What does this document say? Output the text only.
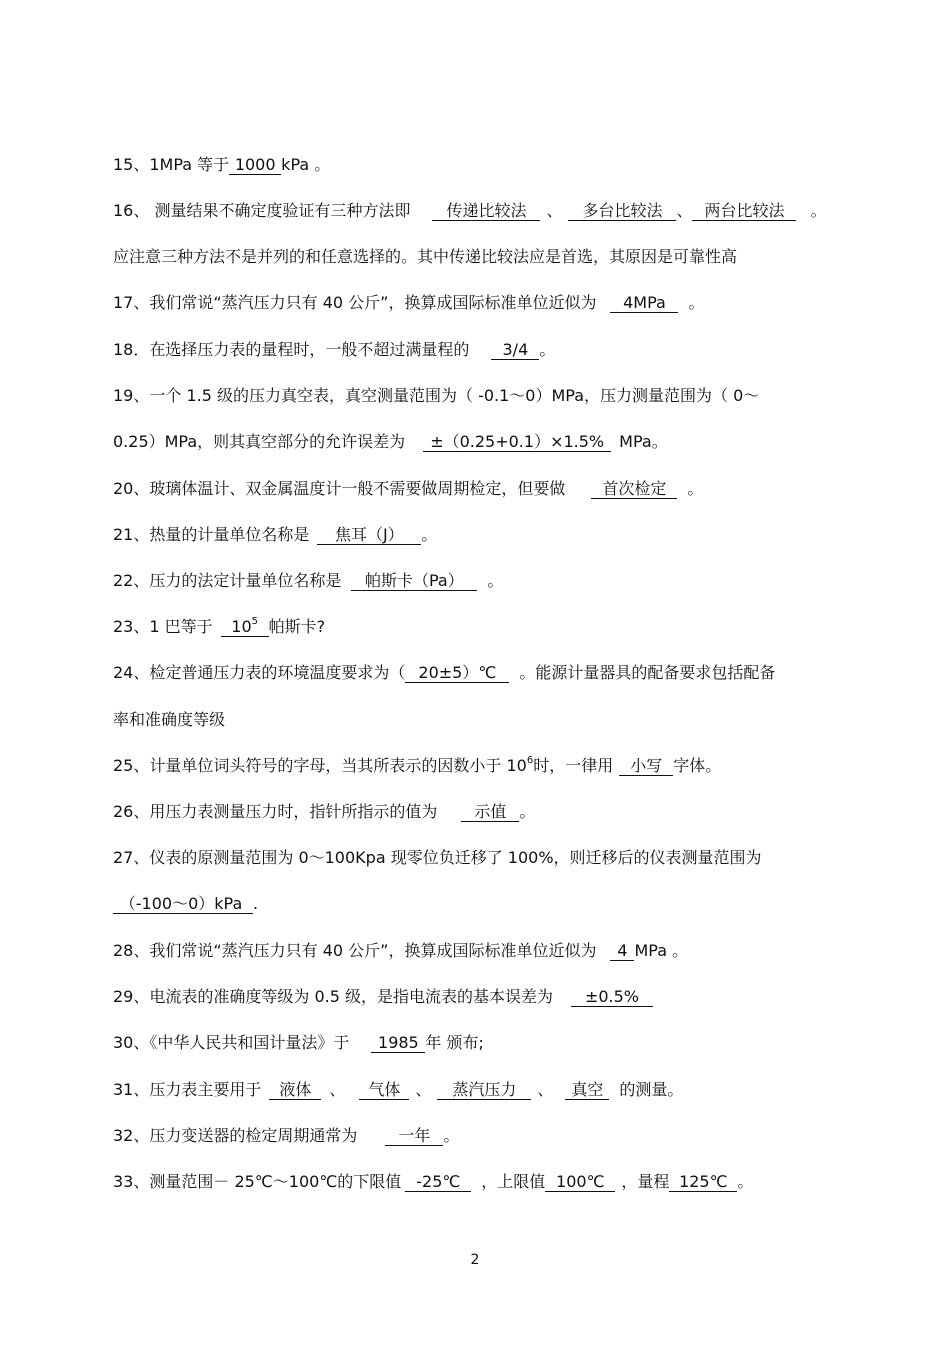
15、1MPa 等于 1000 kPa 。
16、 测量结果不确定度验证有三种方法即 传递比较法 、 多台比较法 、 两台比较法 。
应注意三种方法不是并列的和任意选择的。其中传递比较法应是首选，其原因是可靠性高
17、我们常说“蒸汽压力只有 40 公斤”，换算成国际标准单位近似为 4MPa 。
18．在选择压力表的量程时，一般不超过满量程的 3/4 。
19、一个 1.5 级的压力真空表，真空测量范围为（ -0.1～0）MPa，压力测量范围为（ 0～
0.25）MPa，则其真空部分的允许误差为 ±（0.25+0.1）×1.5% MPa。
20、玻璃体温计、双金属温度计一般不需要做周期检定，但要做 首次检定 。
21、热量的计量单位名称是 焦耳（J） 。
22、压力的法定计量单位名称是 帕斯卡（Pa） 。
23、1 巴等于 $10^5$ 帕斯卡?
24、检定普通压力表的环境温度要求为（ 20±5）℃ 。能源计量器具的配备要求包括配备
率和准确度等级
25、计量单位词头符号的字母，当其所表示的因数小于 $10^6$时，一律用 小写 字体。
26、用压力表测量压力时，指针所指示的值为 示值 。
27、仪表的原测量范围为 0～100Kpa 现零位负迁移了 100%，则迁移后的仪表测量范围为
（-100～0）kPa .
28、我们常说“蒸汽压力只有 40 公斤”，换算成国际标准单位近似为 4 MPa 。
29、电流表的准确度等级为 0.5 级，是指电流表的基本误差为 ±0.5%
30、《中华人民共和国计量法》于 1985 年 颁布;
31、压力表主要用于 液体 、 气体 、 蒸汽压力 、 真空 的测量。
32、压力变送器的检定周期通常为	一年 。
33、测量范围－ 25℃～100℃的下限值 -25℃ ，上限值 100℃ ，量程 125℃ 。
2
